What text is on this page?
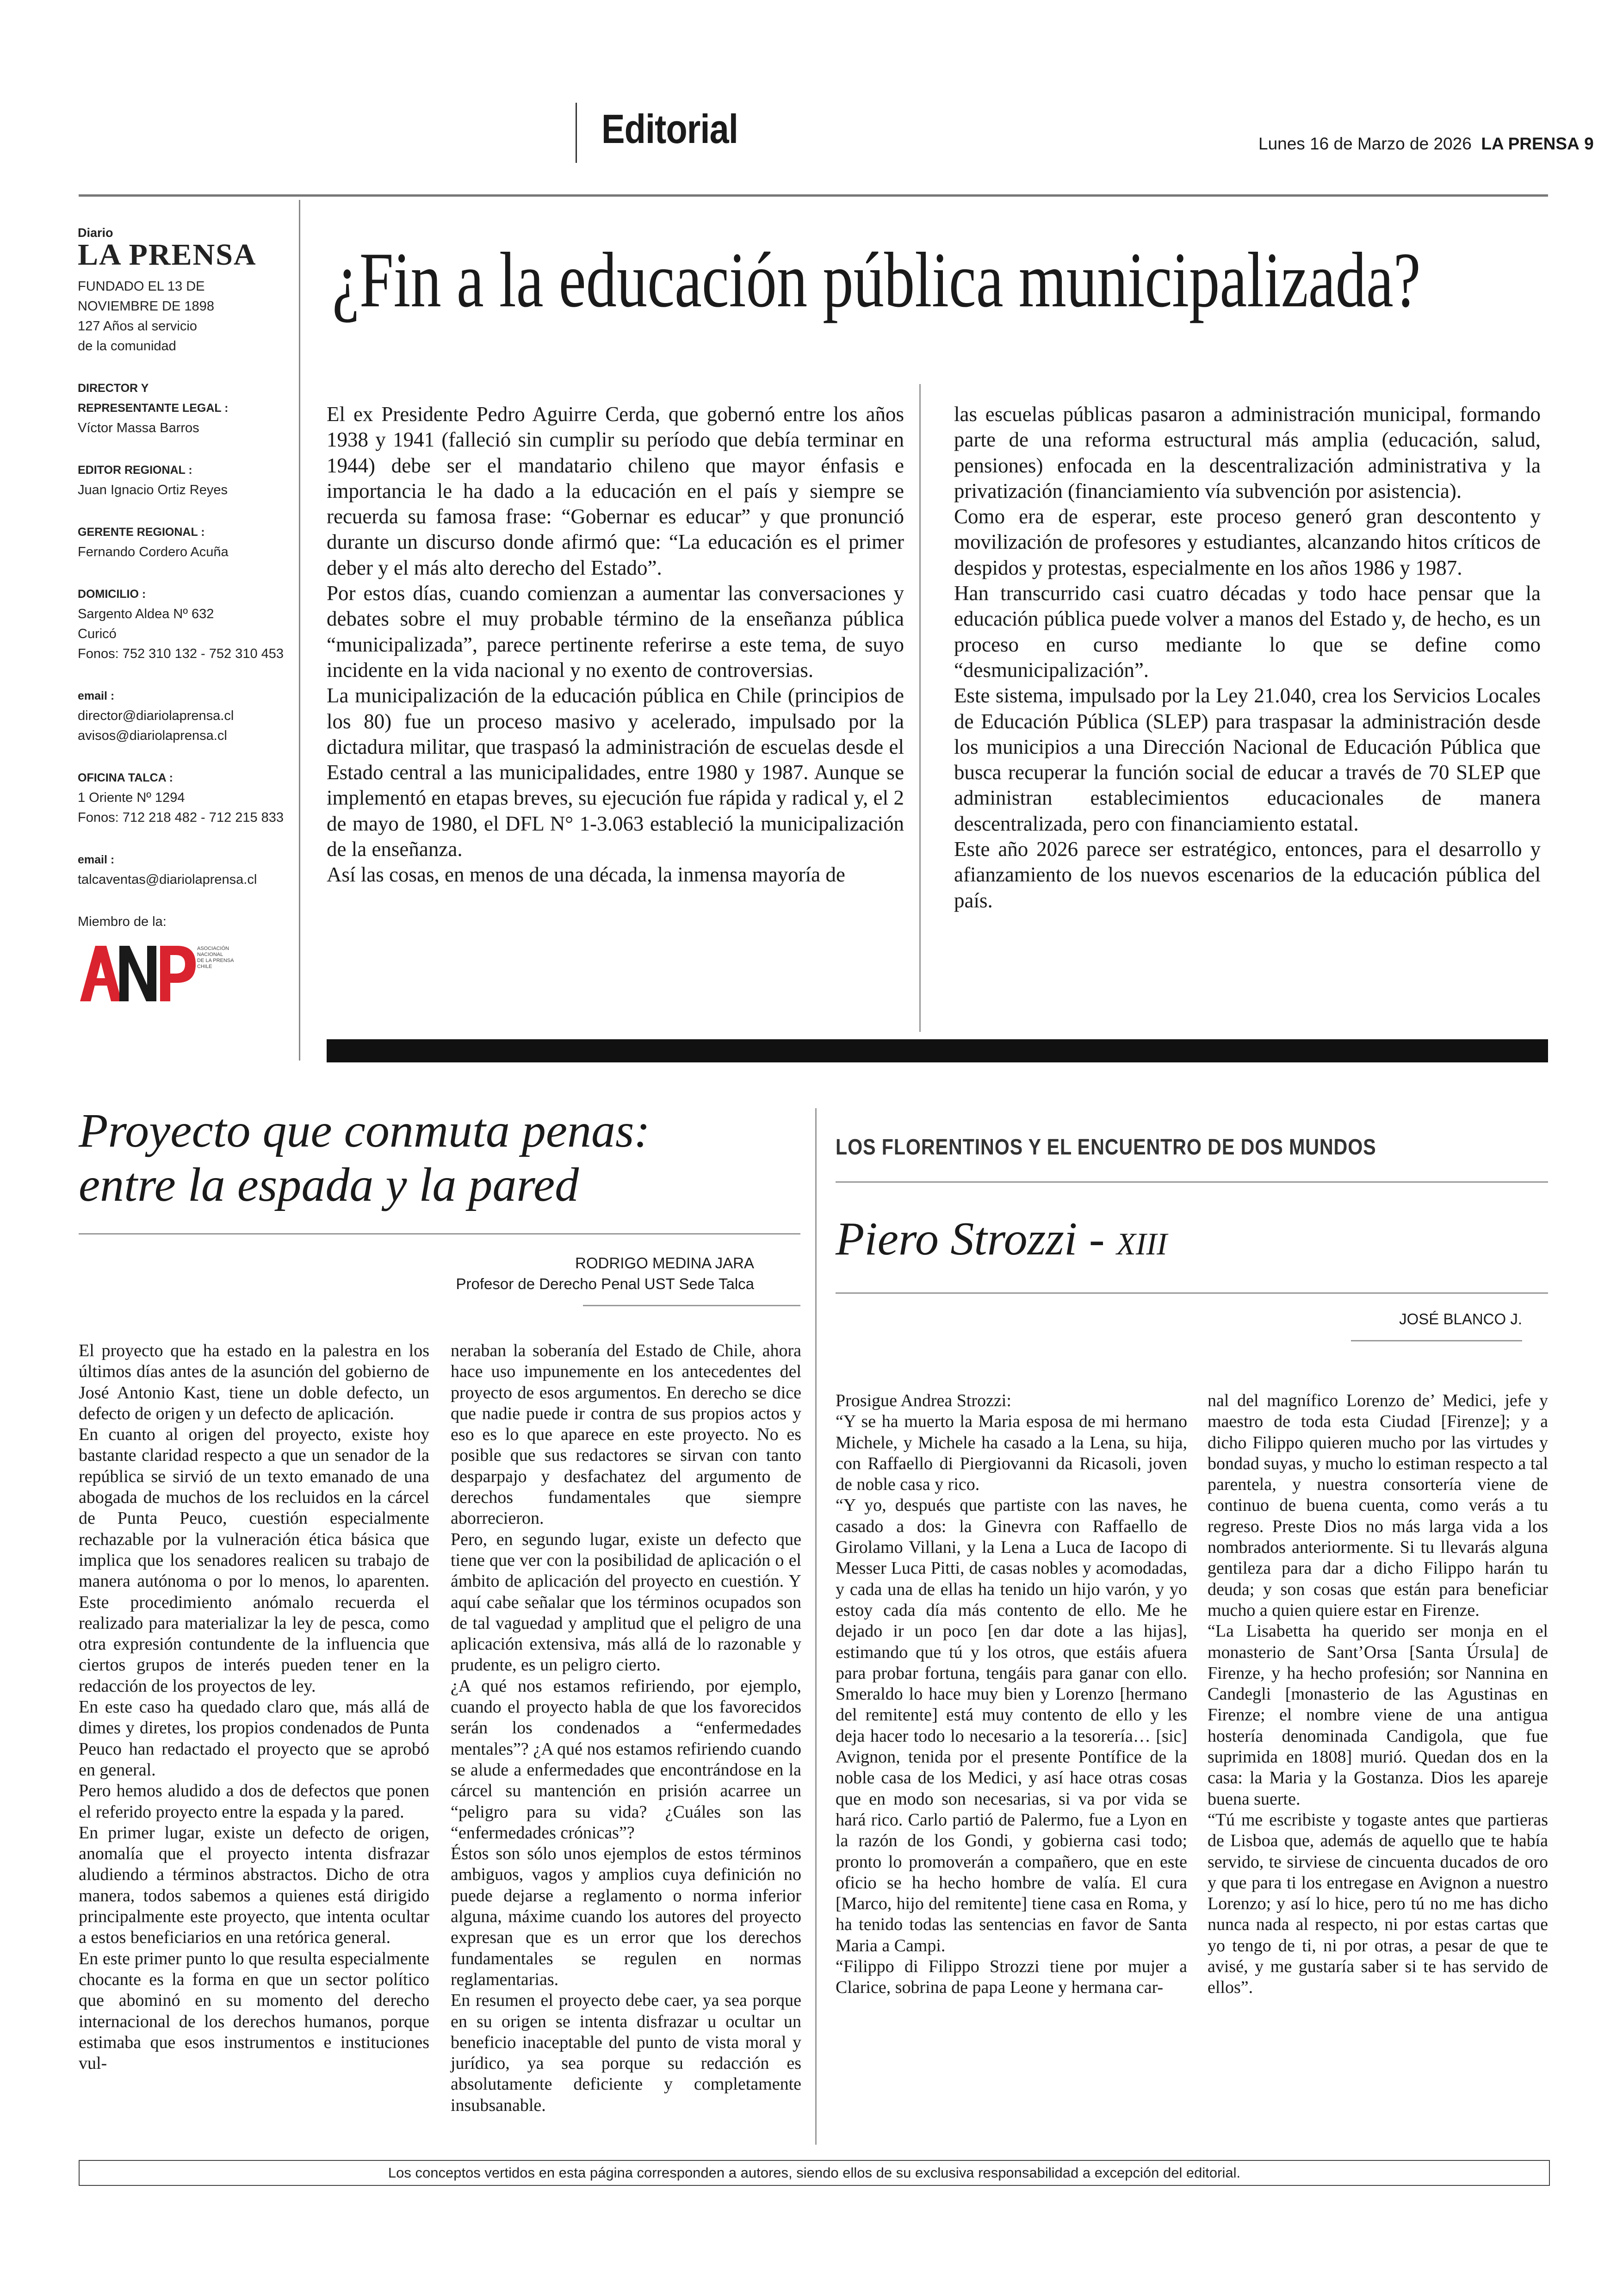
Editorial	Lunes 16 de Marzo de 2026 LA PRENSA 9
Diario
LA PRENSA
FUNDADO EL 13 DE
NOVIEMBRE DE 1898
127 Años al servicio
de la comunidad
DIRECTOR Y
REPRESENTANTE LEGAL :
Víctor Massa Barros
EDITOR REGIONAL :
Juan Ignacio Ortiz Reyes
GERENTE REGIONAL :
Fernando Cordero Acuña
DOMICILIO :
Sargento Aldea Nº 632
Curicó
Fonos: 752 310 132 - 752 310 453
email :
director@diariolaprensa.cl
avisos@diariolaprensa.cl
OFICINA TALCA :
1 Oriente Nº 1294
Fonos: 712 218 482 - 712 215 833
email :
talcaventas@diariolaprensa.cl
Miembro de la:
ASOCIACIÓN
NACIONAL
DE LA PRENSA
CHILE
¿Fin a la educación pública municipalizada?

El ex Presidente Pedro Aguirre Cerda, que gobernó entre los años 1938 y 1941 (falleció sin cumplir su período que debía terminar en 1944) debe ser el mandatario chileno que mayor énfasis e importancia le ha dado a la educación en el país y siempre se recuerda su famosa frase: “Gobernar es educar” y que pronunció durante un discurso donde afirmó que: “La educación es el primer deber y el más alto derecho del Estado”.

Por estos días, cuando comienzan a aumentar las conversaciones y debates sobre el muy probable término de la enseñanza pública “municipalizada”, parece pertinente referirse a este tema, de suyo incidente en la vida nacional y no exento de controversias.

La municipalización de la educación pública en Chile (principios de los 80) fue un proceso masivo y acelerado, impulsado por la dictadura militar, que traspasó la administración de escuelas desde el Estado central a las municipalidades, entre 1980 y 1987. Aunque se implementó en etapas breves, su ejecución fue rápida y radical y, el 2 de mayo de 1980, el DFL N° 1-3.063 estableció la municipalización de la enseñanza.

Así las cosas, en menos de una década, la inmensa mayoría de

las escuelas públicas pasaron a administración municipal, formando parte de una reforma estructural más amplia (educación, salud, pensiones) enfocada en la descentralización administrativa y la privatización (financiamiento vía subvención por asistencia).

Como era de esperar, este proceso generó gran descontento y movilización de profesores y estudiantes, alcanzando hitos críticos de despidos y protestas, especialmente en los años 1986 y 1987.

Han transcurrido casi cuatro décadas y todo hace pensar que la educación pública puede volver a manos del Estado y, de hecho, es un proceso en curso mediante lo que se define como “desmunicipalización”.

Este sistema, impulsado por la Ley 21.040, crea los Servicios Locales de Educación Pública (SLEP) para traspasar la administración desde los municipios a una Dirección Nacional de Educación Pública que busca recuperar la función social de educar a través de 70 SLEP que administran establecimientos educacionales de manera descentralizada, pero con financiamiento estatal.

Este año 2026 parece ser estratégico, entonces, para el desarrollo y afianzamiento de los nuevos escenarios de la educación pública del país.

Proyecto que conmuta penas:
entre la espada y la pared
RODRIGO MEDINA JARA
Profesor de Derecho Penal UST Sede Talca

El proyecto que ha estado en la palestra en los últimos días antes de la asunción del gobierno de José Antonio Kast, tiene un doble defecto, un defecto de origen y un defecto de aplicación.

En cuanto al origen del proyecto, existe hoy bastante claridad respecto a que un senador de la república se sirvió de un texto emanado de una abogada de muchos de los recluidos en la cárcel de Punta Peuco, cuestión especialmente rechazable por la vulneración ética básica que implica que los senadores realicen su trabajo de manera autónoma o por lo menos, lo aparenten. Este procedimiento anómalo recuerda el realizado para materializar la ley de pesca, como otra expresión contundente de la influencia que ciertos grupos de interés pueden tener en la redacción de los proyectos de ley.

En este caso ha quedado claro que, más allá de dimes y diretes, los propios condenados de Punta Peuco han redactado el proyecto que se aprobó en general.

Pero hemos aludido a dos de defectos que ponen el referido proyecto entre la espada y la pared.

En primer lugar, existe un defecto de origen, anomalía que el proyecto intenta disfrazar aludiendo a términos abstractos. Dicho de otra manera, todos sabemos a quienes está dirigido principalmente este proyecto, que intenta ocultar a estos beneficiarios en una retórica general.

En este primer punto lo que resulta especialmente chocante es la forma en que un sector político que abominó en su momento del derecho internacional de los derechos humanos, porque estimaba que esos instrumentos e instituciones vul-

neraban la soberanía del Estado de Chile, ahora hace uso impunemente en los antecedentes del proyecto de esos argumentos. En derecho se dice que nadie puede ir contra de sus propios actos y eso es lo que aparece en este proyecto. No es posible que sus redactores se sirvan con tanto desparpajo y desfachatez del argumento de derechos fundamentales que siempre aborrecieron.

Pero, en segundo lugar, existe un defecto que tiene que ver con la posibilidad de aplicación o el ámbito de aplicación del proyecto en cuestión. Y aquí cabe señalar que los términos ocupados son de tal vaguedad y amplitud que el peligro de una aplicación extensiva, más allá de lo razonable y prudente, es un peligro cierto.

¿A qué nos estamos refiriendo, por ejemplo, cuando el proyecto habla de que los favorecidos serán los condenados a “enfermedades mentales”? ¿A qué nos estamos refiriendo cuando se alude a enfermedades que encontrándose en la cárcel su mantención en prisión acarree un “peligro para su vida? ¿Cuáles son las “enfermedades crónicas”?

Éstos son sólo unos ejemplos de estos términos ambiguos, vagos y amplios cuya definición no puede dejarse a reglamento o norma inferior alguna, máxime cuando los autores del proyecto expresan que es un error que los derechos fundamentales se regulen en normas reglamentarias.

En resumen el proyecto debe caer, ya sea porque en su origen se intenta disfrazar u ocultar un beneficio inaceptable del punto de vista moral y jurídico, ya sea porque su redacción es absolutamente deficiente y completamente insubsanable.

LOS FLORENTINOS Y EL ENCUENTRO DE DOS MUNDOS
Piero Strozzi - XIII
JOSÉ BLANCO J.

Prosigue Andrea Strozzi:

“Y se ha muerto la Maria esposa de mi hermano Michele, y Michele ha casado a la Lena, su hija, con Raffaello di Piergiovanni da Ricasoli, joven de noble casa y rico.

“Y yo, después que partiste con las naves, he casado a dos: la Ginevra con Raffaello de Girolamo Villani, y la Lena a Luca de Iacopo di Messer Luca Pitti, de casas nobles y acomodadas, y cada una de ellas ha tenido un hijo varón, y yo estoy cada día más contento de ello. Me he dejado ir un poco [en dar dote a las hijas], estimando que tú y los otros, que estáis afuera para probar fortuna, tengáis para ganar con ello. Smeraldo lo hace muy bien y Lorenzo [hermano del remitente] está muy contento de ello y les deja hacer todo lo necesario a la tesorería… [sic] Avignon, tenida por el presente Pontífice de la noble casa de los Medici, y así hace otras cosas que en modo son necesarias, si va por vida se hará rico. Carlo partió de Palermo, fue a Lyon en la razón de los Gondi, y gobierna casi todo; pronto lo promoverán a compañero, que en este oficio se ha hecho hombre de valía. El cura [Marco, hijo del remitente] tiene casa en Roma, y ha tenido todas las sentencias en favor de Santa Maria a Campi.

“Filippo di Filippo Strozzi tiene por mujer a Clarice, sobrina de papa Leone y hermana car-

nal del magnífico Lorenzo de’ Medici, jefe y maestro de toda esta Ciudad [Firenze]; y a dicho Filippo quieren mucho por las virtudes y bondad suyas, y mucho lo estiman respecto a tal parentela, y nuestra consortería viene de continuo de buena cuenta, como verás a tu regreso. Preste Dios no más larga vida a los nombrados anteriormente. Si tu llevarás alguna gentileza para dar a dicho Filippo harán tu deuda; y son cosas que están para beneficiar mucho a quien quiere estar en Firenze.

“La Lisabetta ha querido ser monja en el monasterio de Sant’Orsa [Santa Úrsula] de Firenze, y ha hecho profesión; sor Nannina en Candegli [monasterio de las Agustinas en Firenze; el nombre viene de una antigua hostería denominada Candigola, que fue suprimida en 1808] murió. Quedan dos en la casa: la Maria y la Gostanza. Dios les apareje buena suerte.

“Tú me escribiste y togaste antes que partieras de Lisboa que, además de aquello que te había servido, te sirviese de cincuenta ducados de oro y que para ti los entregase en Avignon a nuestro Lorenzo; y así lo hice, pero tú no me has dicho nunca nada al respecto, ni por estas cartas que yo tengo de ti, ni por otras, a pesar de que te avisé, y me gustaría saber si te has servido de ellos”.

Los conceptos vertidos en esta página corresponden a autores, siendo ellos de su exclusiva responsabilidad a excepción del editorial.
